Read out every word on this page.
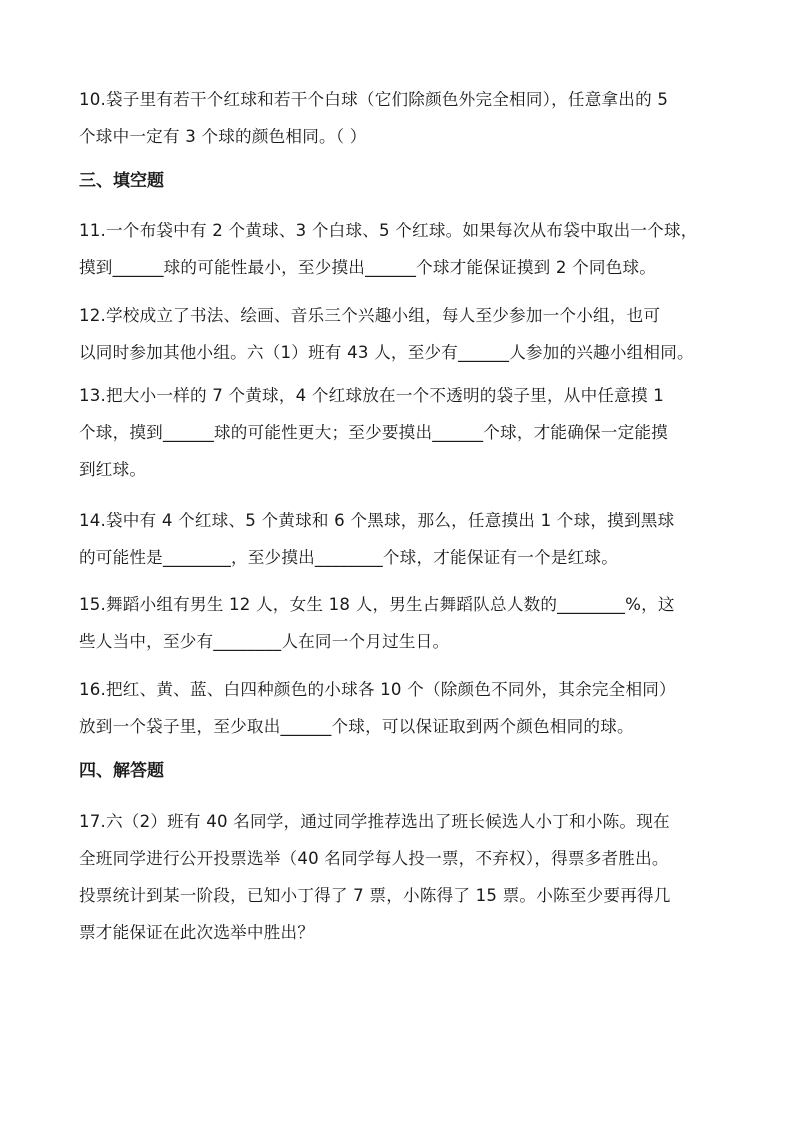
10.袋子里有若干个红球和若干个白球（它们除颜色外完全相同），任意拿出的 5
个球中一定有 3 个球的颜色相同。（ ）
三、填空题
11.一个布袋中有 2 个黄球、3 个白球、5 个红球。如果每次从布袋中取出一个球，
摸到______球的可能性最小，至少摸出______个球才能保证摸到 2 个同色球。
12.学校成立了书法、绘画、音乐三个兴趣小组，每人至少参加一个小组，也可
以同时参加其他小组。六（1）班有 43 人，至少有______人参加的兴趣小组相同。
13.把大小一样的 7 个黄球，4 个红球放在一个不透明的袋子里，从中任意摸 1
个球，摸到______球的可能性更大；至少要摸出______个球，才能确保一定能摸
到红球。
14.袋中有 4 个红球、5 个黄球和 6 个黑球，那么，任意摸出 1 个球，摸到黑球
的可能性是________，至少摸出________个球，才能保证有一个是红球。
15.舞蹈小组有男生 12 人，女生 18 人，男生占舞蹈队总人数的________%，这
些人当中，至少有________人在同一个月过生日。
16.把红、黄、蓝、白四种颜色的小球各 10 个（除颜色不同外，其余完全相同）
放到一个袋子里，至少取出______个球，可以保证取到两个颜色相同的球。
四、解答题
17.六（2）班有 40 名同学，通过同学推荐选出了班长候选人小丁和小陈。现在
全班同学进行公开投票选举（40 名同学每人投一票，不弃权），得票多者胜出。
投票统计到某一阶段，已知小丁得了 7 票，小陈得了 15 票。小陈至少要再得几
票才能保证在此次选举中胜出？
